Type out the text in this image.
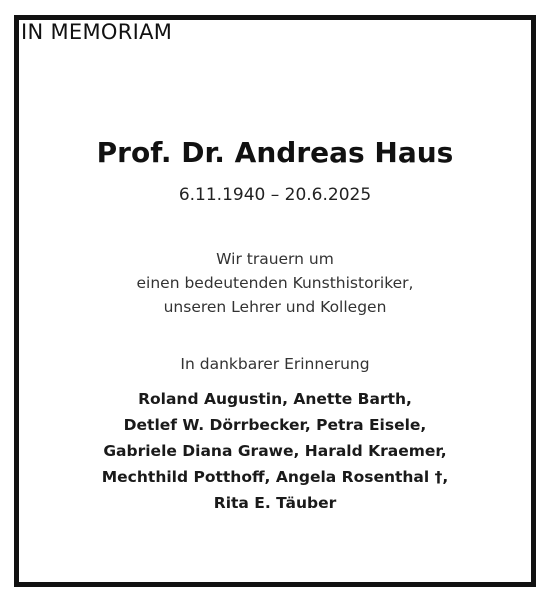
IN MEMORIAM
Prof. Dr. Andreas Haus
6.11.1940 – 20.6.2025
Wir trauern um
einen bedeutenden Kunsthistoriker,
unseren Lehrer und Kollegen
In dankbarer Erinnerung
Roland Augustin, Anette Barth,
Detlef W. Dörrbecker, Petra Eisele,
Gabriele Diana Grawe, Harald Kraemer,
Mechthild Potthoff, Angela Rosenthal †,
Rita E. Täuber
